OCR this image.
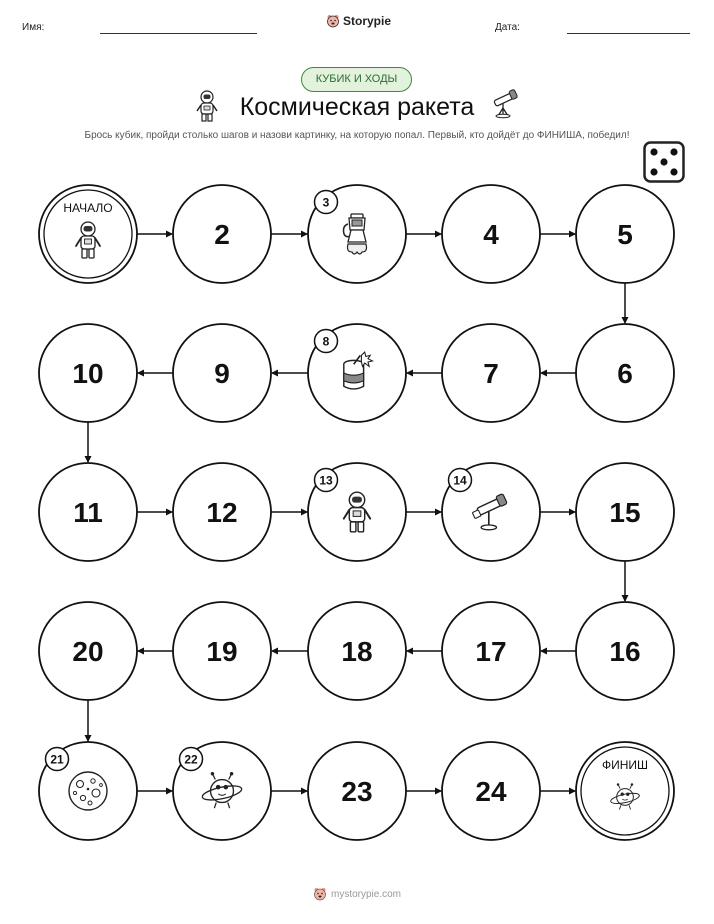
Имя:	Storypie	Дата:
КУБИК И ХОДЫ
Космическая ракета
Брось кубик, пройди столько шагов и назови картинку, на которую попал. Первый, кто дойдёт до ФИНИША, победил!
НАЧАЛО
2
3
4	5
6
7
8
9
10
11	12
13	14
15
16
17
18
19
20
21	22
23	24
ФИНИШ
mystorypie.com
